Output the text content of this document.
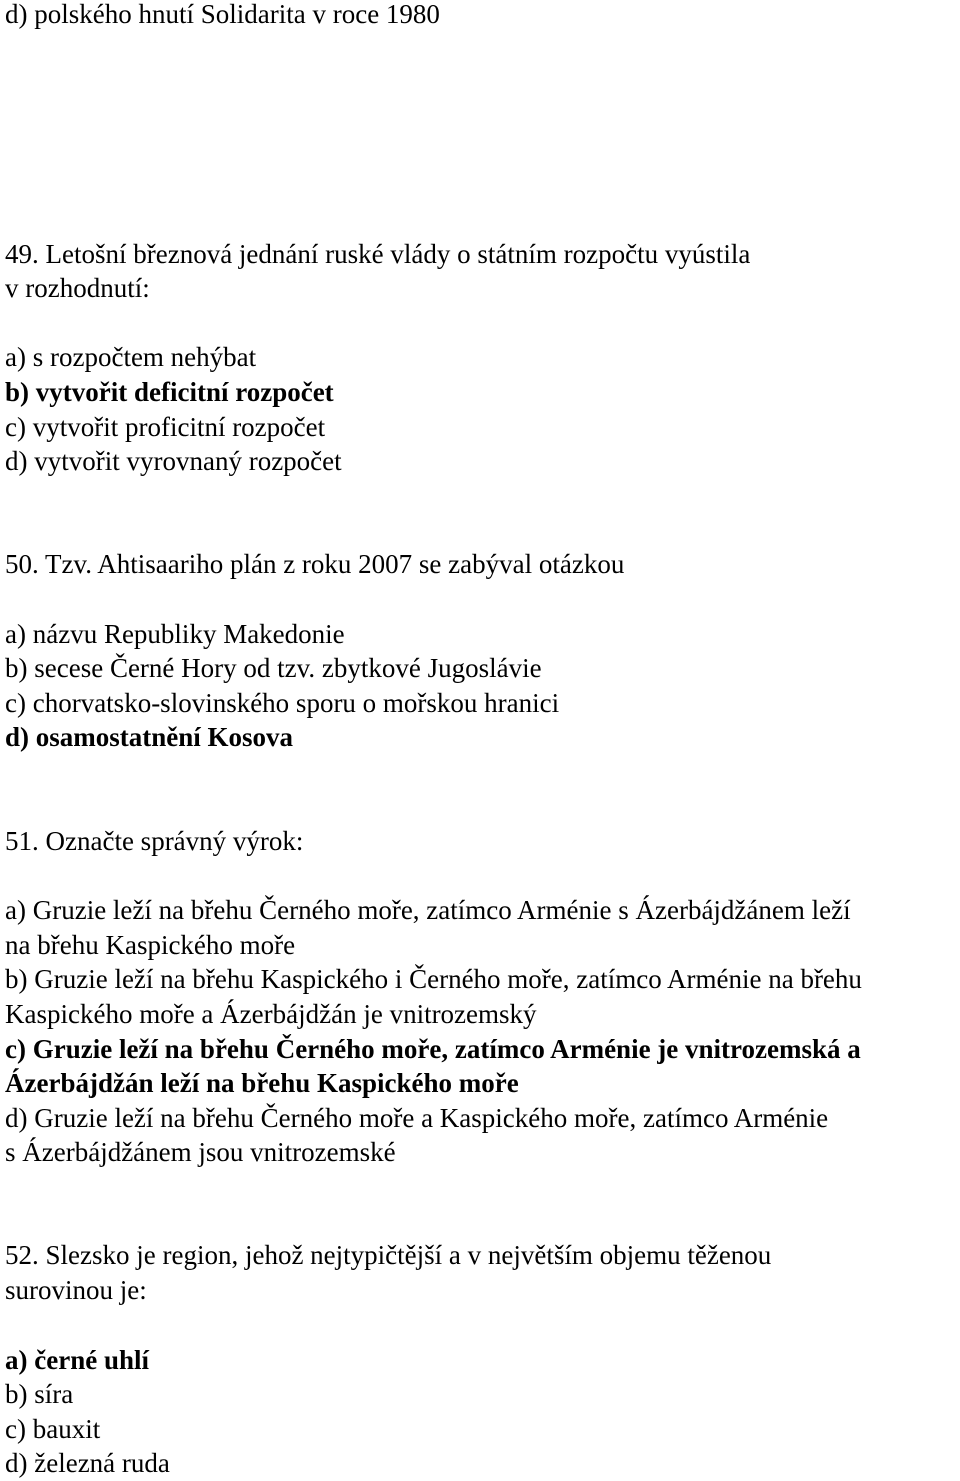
d) polského hnutí Solidarita v roce 1980
49. Letošní březnová jednání ruské vlády o státním rozpočtu vyústila
v rozhodnutí:
a) s rozpočtem nehýbat
b) vytvořit deficitní rozpočet
c) vytvořit proficitní rozpočet
d) vytvořit vyrovnaný rozpočet
50. Tzv. Ahtisaariho plán z roku 2007 se zabýval otázkou
a) názvu Republiky Makedonie
b) secese Černé Hory od tzv. zbytkové Jugoslávie
c) chorvatsko-slovinského sporu o mořskou hranici
d) osamostatnění Kosova
51. Označte správný výrok:
a) Gruzie leží na břehu Černého moře, zatímco Arménie s Ázerbájdžánem leží
na břehu Kaspického moře
b) Gruzie leží na břehu Kaspického i Černého moře, zatímco Arménie na břehu
Kaspického moře a Ázerbájdžán je vnitrozemský
c) Gruzie leží na břehu Černého moře, zatímco Arménie je vnitrozemská a
Ázerbájdžán leží na břehu Kaspického moře
d) Gruzie leží na břehu Černého moře a Kaspického moře, zatímco Arménie
s Ázerbájdžánem jsou vnitrozemské
52. Slezsko je region, jehož nejtypičtější a v největším objemu těženou
surovinou je:
a) černé uhlí
b) síra
c) bauxit
d) železná ruda
